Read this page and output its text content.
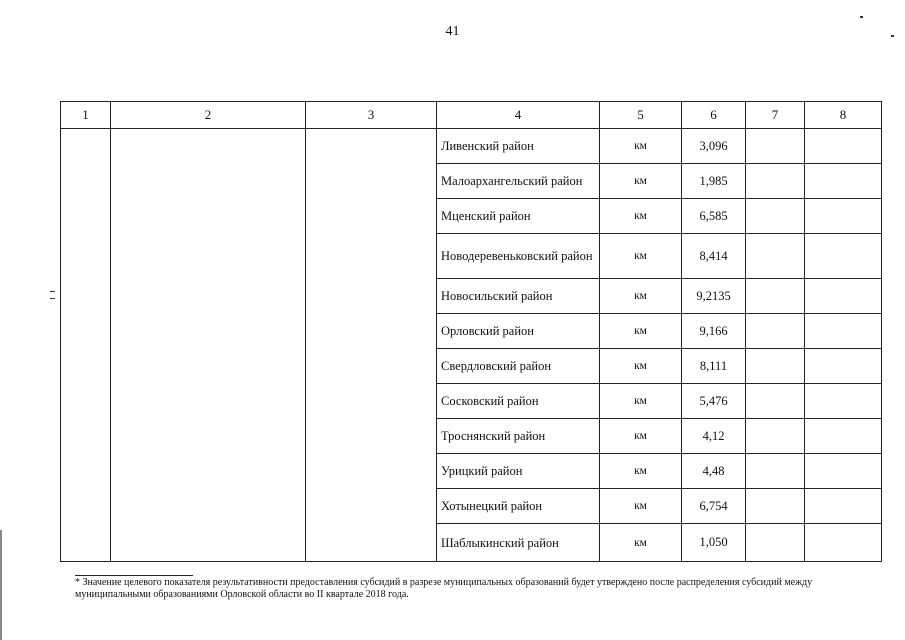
41
1	2	3	4	5	6	7	8
			Ливенский район	км	3,096		
			Малоархангельский район	км	1,985		
			Мценский район	км	6,585		
			Новодеревеньковский район	км	8,414		
			Новосильский район	км	9,2135		
			Орловский район	км	9,166		
			Свердловский район	км	8,111		
			Сосковский район	км	5,476		
			Троснянский район	км	4,12		
			Урицкий район	км	4,48		
			Хотынецкий район	км	6,754		
			Шаблыкинский район	км	1,050		
* Значение целевого показателя результативности предоставления субсидий в разрезе муниципальных образований будет утверждено после распределения субсидий между муниципальными образованиями Орловской области во II квартале 2018 года.
